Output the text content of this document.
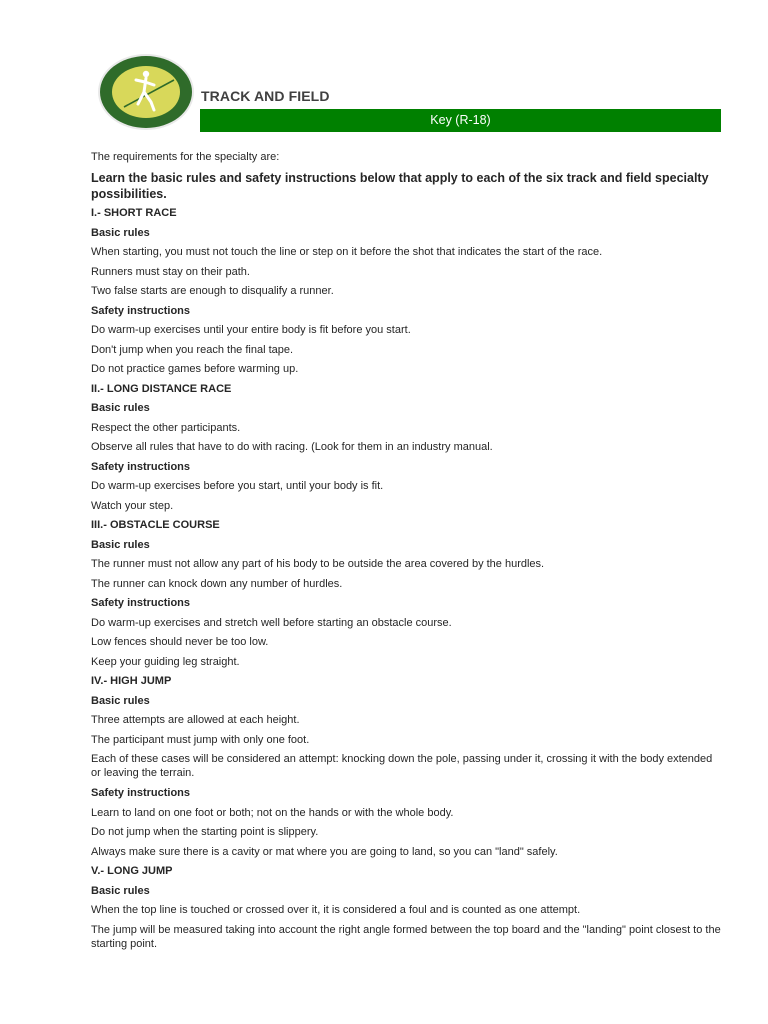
TRACK AND FIELD
Key (R-18)
The requirements for the specialty are:
Learn the basic rules and safety instructions below that apply to each of the six track and field specialty possibilities.
I.- SHORT RACE
Basic rules
When starting, you must not touch the line or step on it before the shot that indicates the start of the race.
Runners must stay on their path.
Two false starts are enough to disqualify a runner.
Safety instructions
Do warm-up exercises until your entire body is fit before you start.
Don't jump when you reach the final tape.
Do not practice games before warming up.
II.- LONG DISTANCE RACE
Basic rules
Respect the other participants.
Observe all rules that have to do with racing. (Look for them in an industry manual.
Safety instructions
Do warm-up exercises before you start, until your body is fit.
Watch your step.
III.- OBSTACLE COURSE
Basic rules
The runner must not allow any part of his body to be outside the area covered by the hurdles.
The runner can knock down any number of hurdles.
Safety instructions
Do warm-up exercises and stretch well before starting an obstacle course.
Low fences should never be too low.
Keep your guiding leg straight.
IV.- HIGH JUMP
Basic rules
Three attempts are allowed at each height.
The participant must jump with only one foot.
Each of these cases will be considered an attempt: knocking down the pole, passing under it, crossing it with the body extended or leaving the terrain.
Safety instructions
Learn to land on one foot or both; not on the hands or with the whole body.
Do not jump when the starting point is slippery.
Always make sure there is a cavity or mat where you are going to land, so you can "land" safely.
V.- LONG JUMP
Basic rules
When the top line is touched or crossed over it, it is considered a foul and is counted as one attempt.
The jump will be measured taking into account the right angle formed between the top board and the "landing" point closest to the starting point.
